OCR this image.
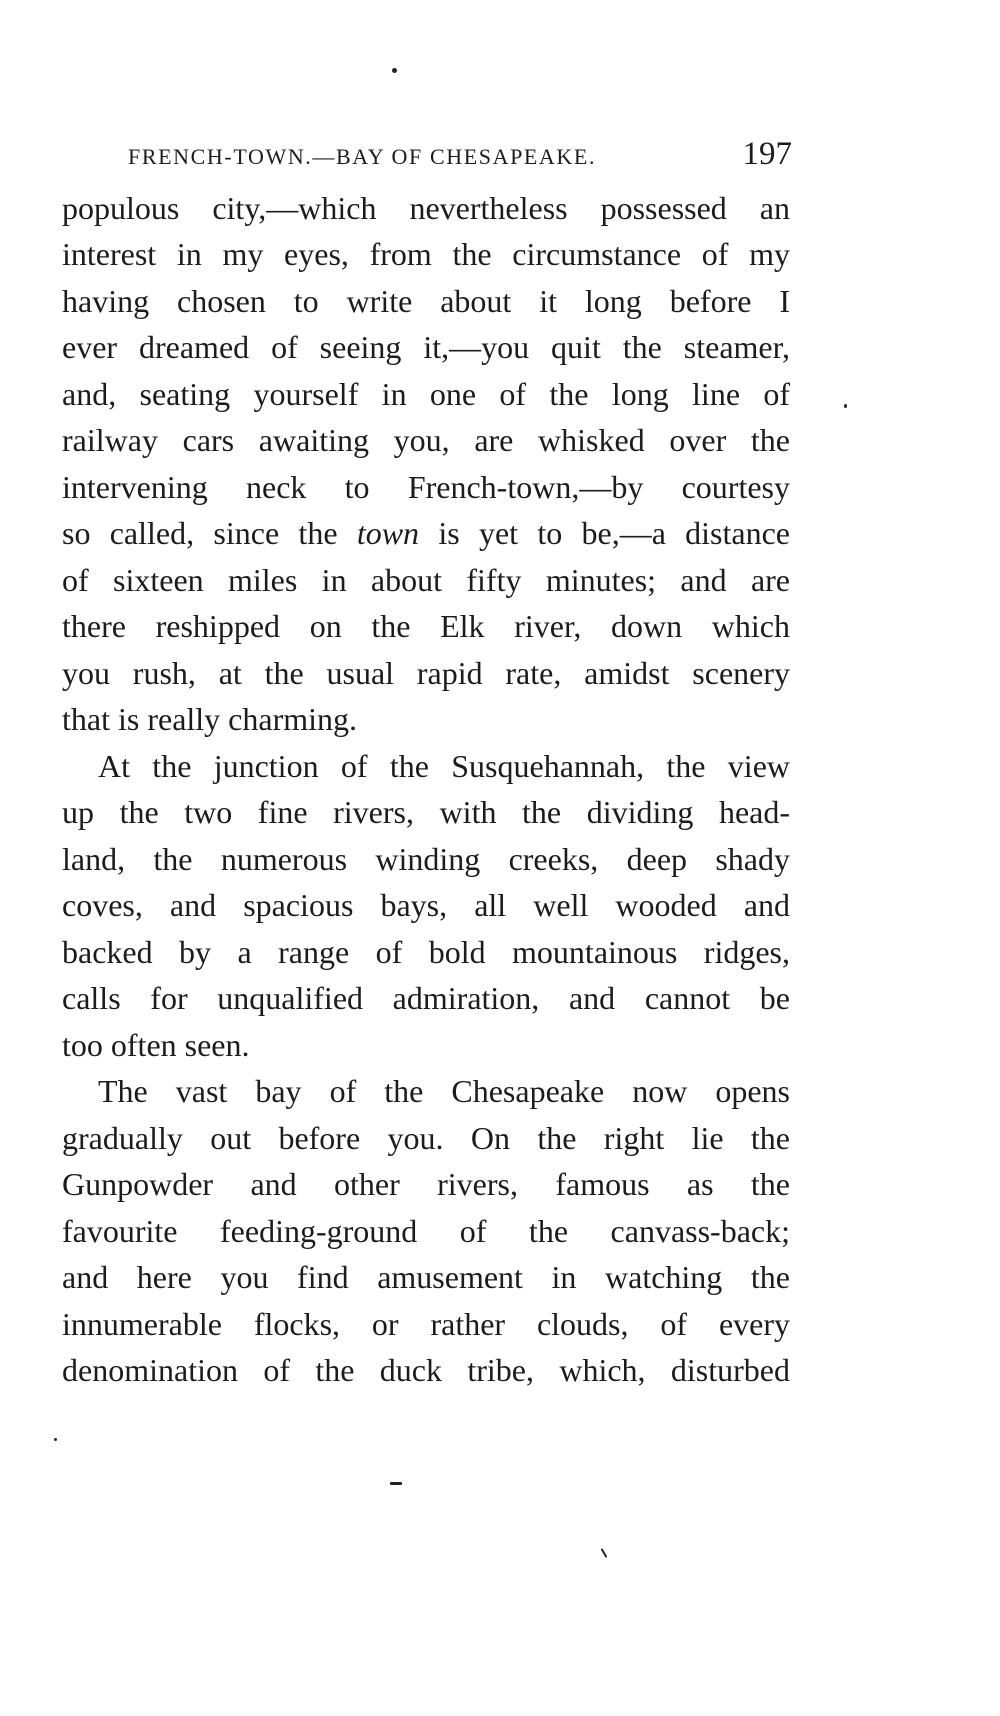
FRENCH-TOWN.—BAY OF CHESAPEAKE.	197
populous city,—which nevertheless possessed an
interest in my eyes, from the circumstance of my
having chosen to write about it long before I
ever dreamed of seeing it,—you quit the steamer,
and, seating yourself in one of the long line of
railway cars awaiting you, are whisked over the
intervening neck to French-town,—by courtesy
so called, since the town is yet to be,—a distance
of sixteen miles in about fifty minutes; and are
there reshipped on the Elk river, down which
you rush, at the usual rapid rate, amidst scenery
that is really charming.
At the junction of the Susquehannah, the view
up the two fine rivers, with the dividing head-
land, the numerous winding creeks, deep shady
coves, and spacious bays, all well wooded and
backed by a range of bold mountainous ridges,
calls for unqualified admiration, and cannot be
too often seen.
The vast bay of the Chesapeake now opens
gradually out before you. On the right lie the
Gunpowder and other rivers, famous as the
favourite feeding-ground of the canvass-back;
and here you find amusement in watching the
innumerable flocks, or rather clouds, of every
denomination of the duck tribe, which, disturbed
